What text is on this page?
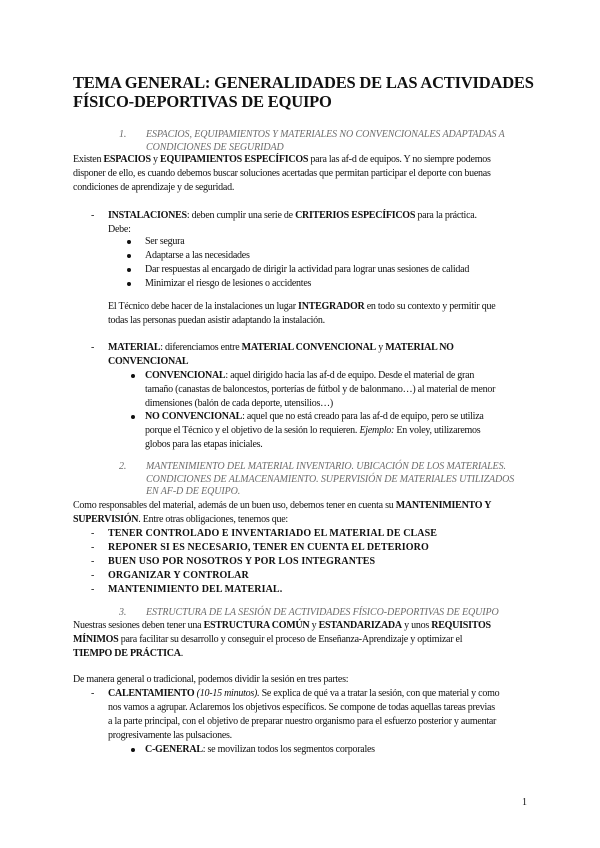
TEMA GENERAL: GENERALIDADES DE LAS ACTIVIDADES
FÍSICO-DEPORTIVAS DE EQUIPO
1. ESPACIOS, EQUIPAMIENTOS Y MATERIALES NO CONVENCIONALES ADAPTADAS A
CONDICIONES DE SEGURIDAD
Existen ESPACIOS y EQUIPAMIENTOS ESPECÍFICOS para las af-d de equipos. Y no siempre podemos
disponer de ello, es cuando debemos buscar soluciones acertadas que permitan participar el deporte con buenas
condiciones de aprendizaje y de seguridad.
- INSTALACIONES: deben cumplir una serie de CRITERIOS ESPECÍFICOS para la práctica.
Debe:
Ser segura
Adaptarse a las necesidades
Dar respuestas al encargado de dirigir la actividad para lograr unas sesiones de calidad
Minimizar el riesgo de lesiones o accidentes
El Técnico debe hacer de la instalaciones un lugar INTEGRADOR en todo su contexto y permitir que
todas las personas puedan asistir adaptando la instalación.
- MATERIAL: diferenciamos entre MATERIAL CONVENCIONAL y MATERIAL NO
CONVENCIONAL
CONVENCIONAL: aquel dirigido hacia las af-d de equipo. Desde el material de gran
tamaño (canastas de baloncestos, porterías de fútbol y de balonmano…) al material de menor
dimensiones (balón de cada deporte, utensilios…)
NO CONVENCIONAL: aquel que no está creado para las af-d de equipo, pero se utiliza
porque el Técnico y el objetivo de la sesión lo requieren. Ejemplo: En voley, utilizaremos
globos para las etapas iniciales.
2. MANTENIMIENTO DEL MATERIAL INVENTARIO. UBICACIÓN DE LOS MATERIALES.
CONDICIONES DE ALMACENAMIENTO. SUPERVISIÓN DE MATERIALES UTILIZADOS
EN AF-D DE EQUIPO.
Como responsables del material, además de un buen uso, debemos tener en cuenta su MANTENIMIENTO Y
SUPERVISIÓN. Entre otras obligaciones, tenemos que:
- TENER CONTROLADO E INVENTARIADO EL MATERIAL DE CLASE
- REPONER SI ES NECESARIO, TENER EN CUENTA EL DETERIORO
- BUEN USO POR NOSOTROS Y POR LOS INTEGRANTES
- ORGANIZAR Y CONTROLAR
- MANTENIMIENTO DEL MATERIAL.
3. ESTRUCTURA DE LA SESIÓN DE ACTIVIDADES FÍSICO-DEPORTIVAS DE EQUIPO
Nuestras sesiones deben tener una ESTRUCTURA COMÚN y ESTANDARIZADA y unos REQUISITOS
MÍNIMOS para facilitar su desarrollo y conseguir el proceso de Enseñanza-Aprendizaje y optimizar el
TIEMPO DE PRÁCTICA.
De manera general o tradicional, podemos dividir la sesión en tres partes:
- CALENTAMIENTO (10-15 minutos). Se explica de qué va a tratar la sesión, con que material y como
nos vamos a agrupar. Aclaremos los objetivos específicos. Se compone de todas aquellas tareas previas
a la parte principal, con el objetivo de preparar nuestro organismo para el esfuerzo posterior y aumentar
progresivamente las pulsaciones.
C-GENERAL: se movilizan todos los segmentos corporales
1
